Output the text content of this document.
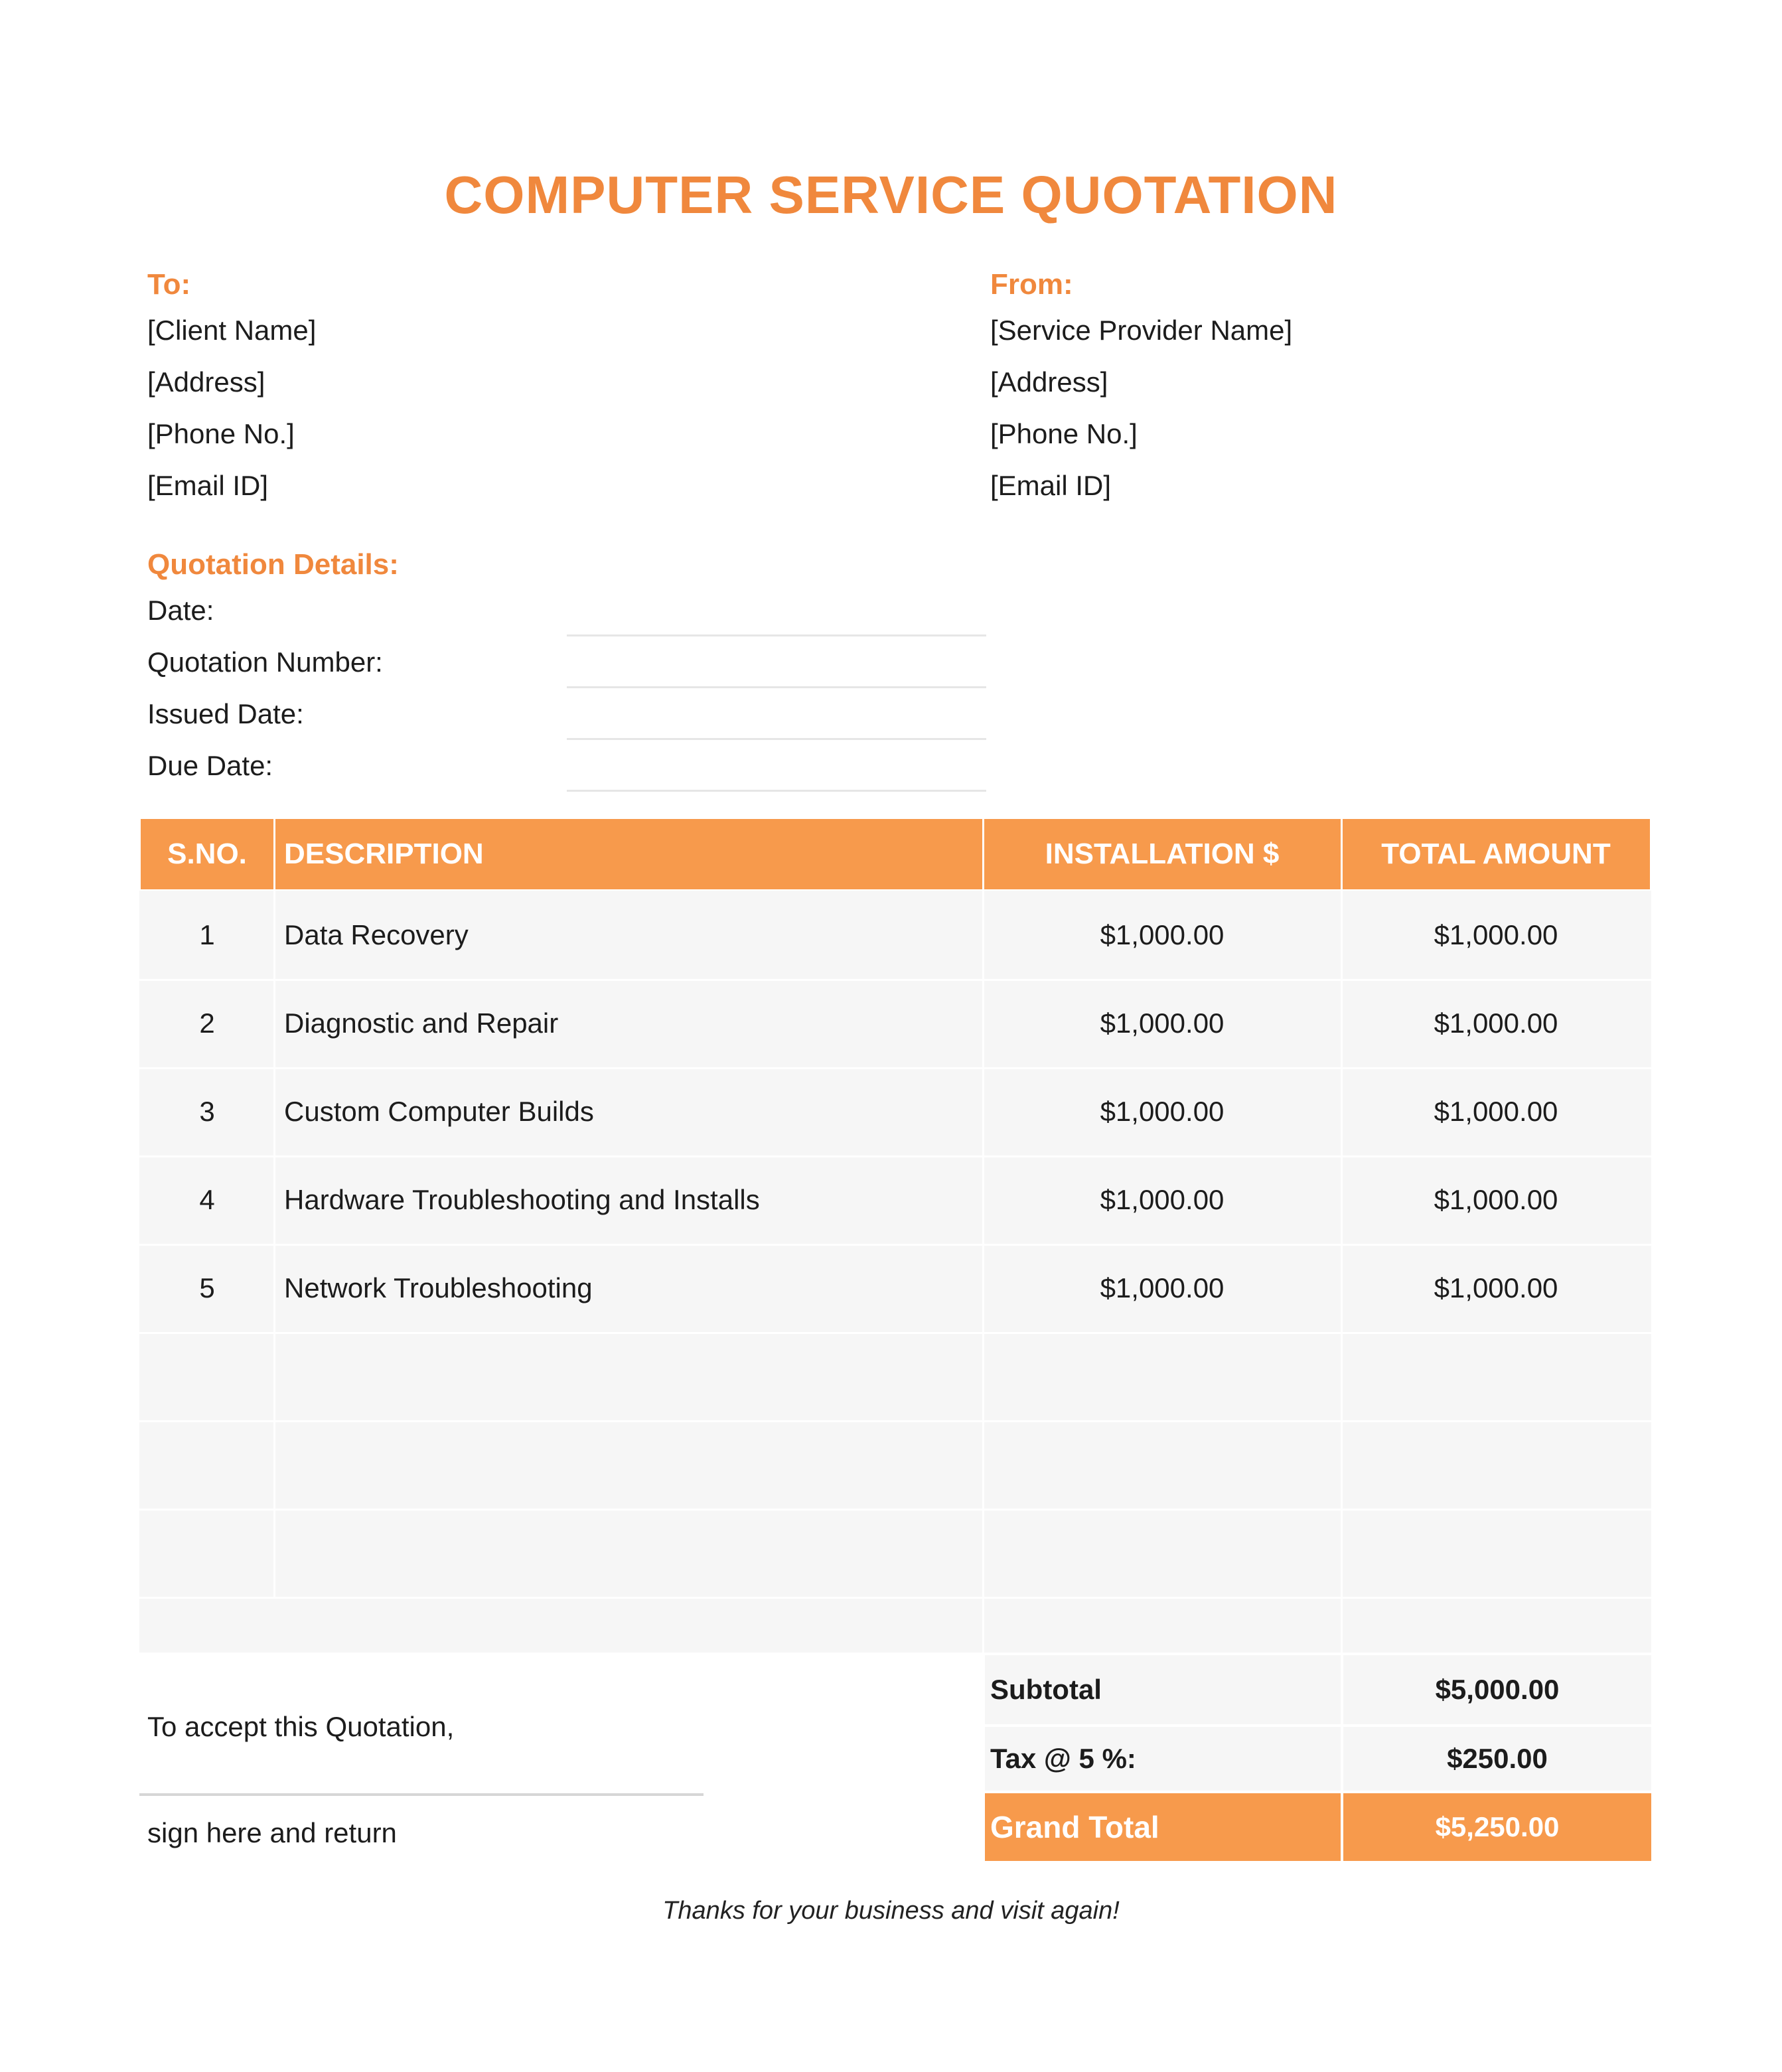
COMPUTER SERVICE QUOTATION
To:
[Client Name]
[Address]
[Phone No.]
[Email ID]
From:
[Service Provider Name]
[Address]
[Phone No.]
[Email ID]
Quotation Details:
Date:
Quotation Number:
Issued Date:
Due Date:
S.NO.	DESCRIPTION	INSTALLATION $	TOTAL AMOUNT
1	Data Recovery	$1,000.00	$1,000.00
2	Diagnostic and Repair	$1,000.00	$1,000.00
3	Custom Computer Builds	$1,000.00	$1,000.00
4	Hardware Troubleshooting and Installs	$1,000.00	$1,000.00
5	Network Troubleshooting	$1,000.00	$1,000.00
Subtotal	$5,000.00
Tax @ 5 %:	$250.00
Grand Total	$5,250.00
To accept this Quotation,
sign here and return
Thanks for your business and visit again!
